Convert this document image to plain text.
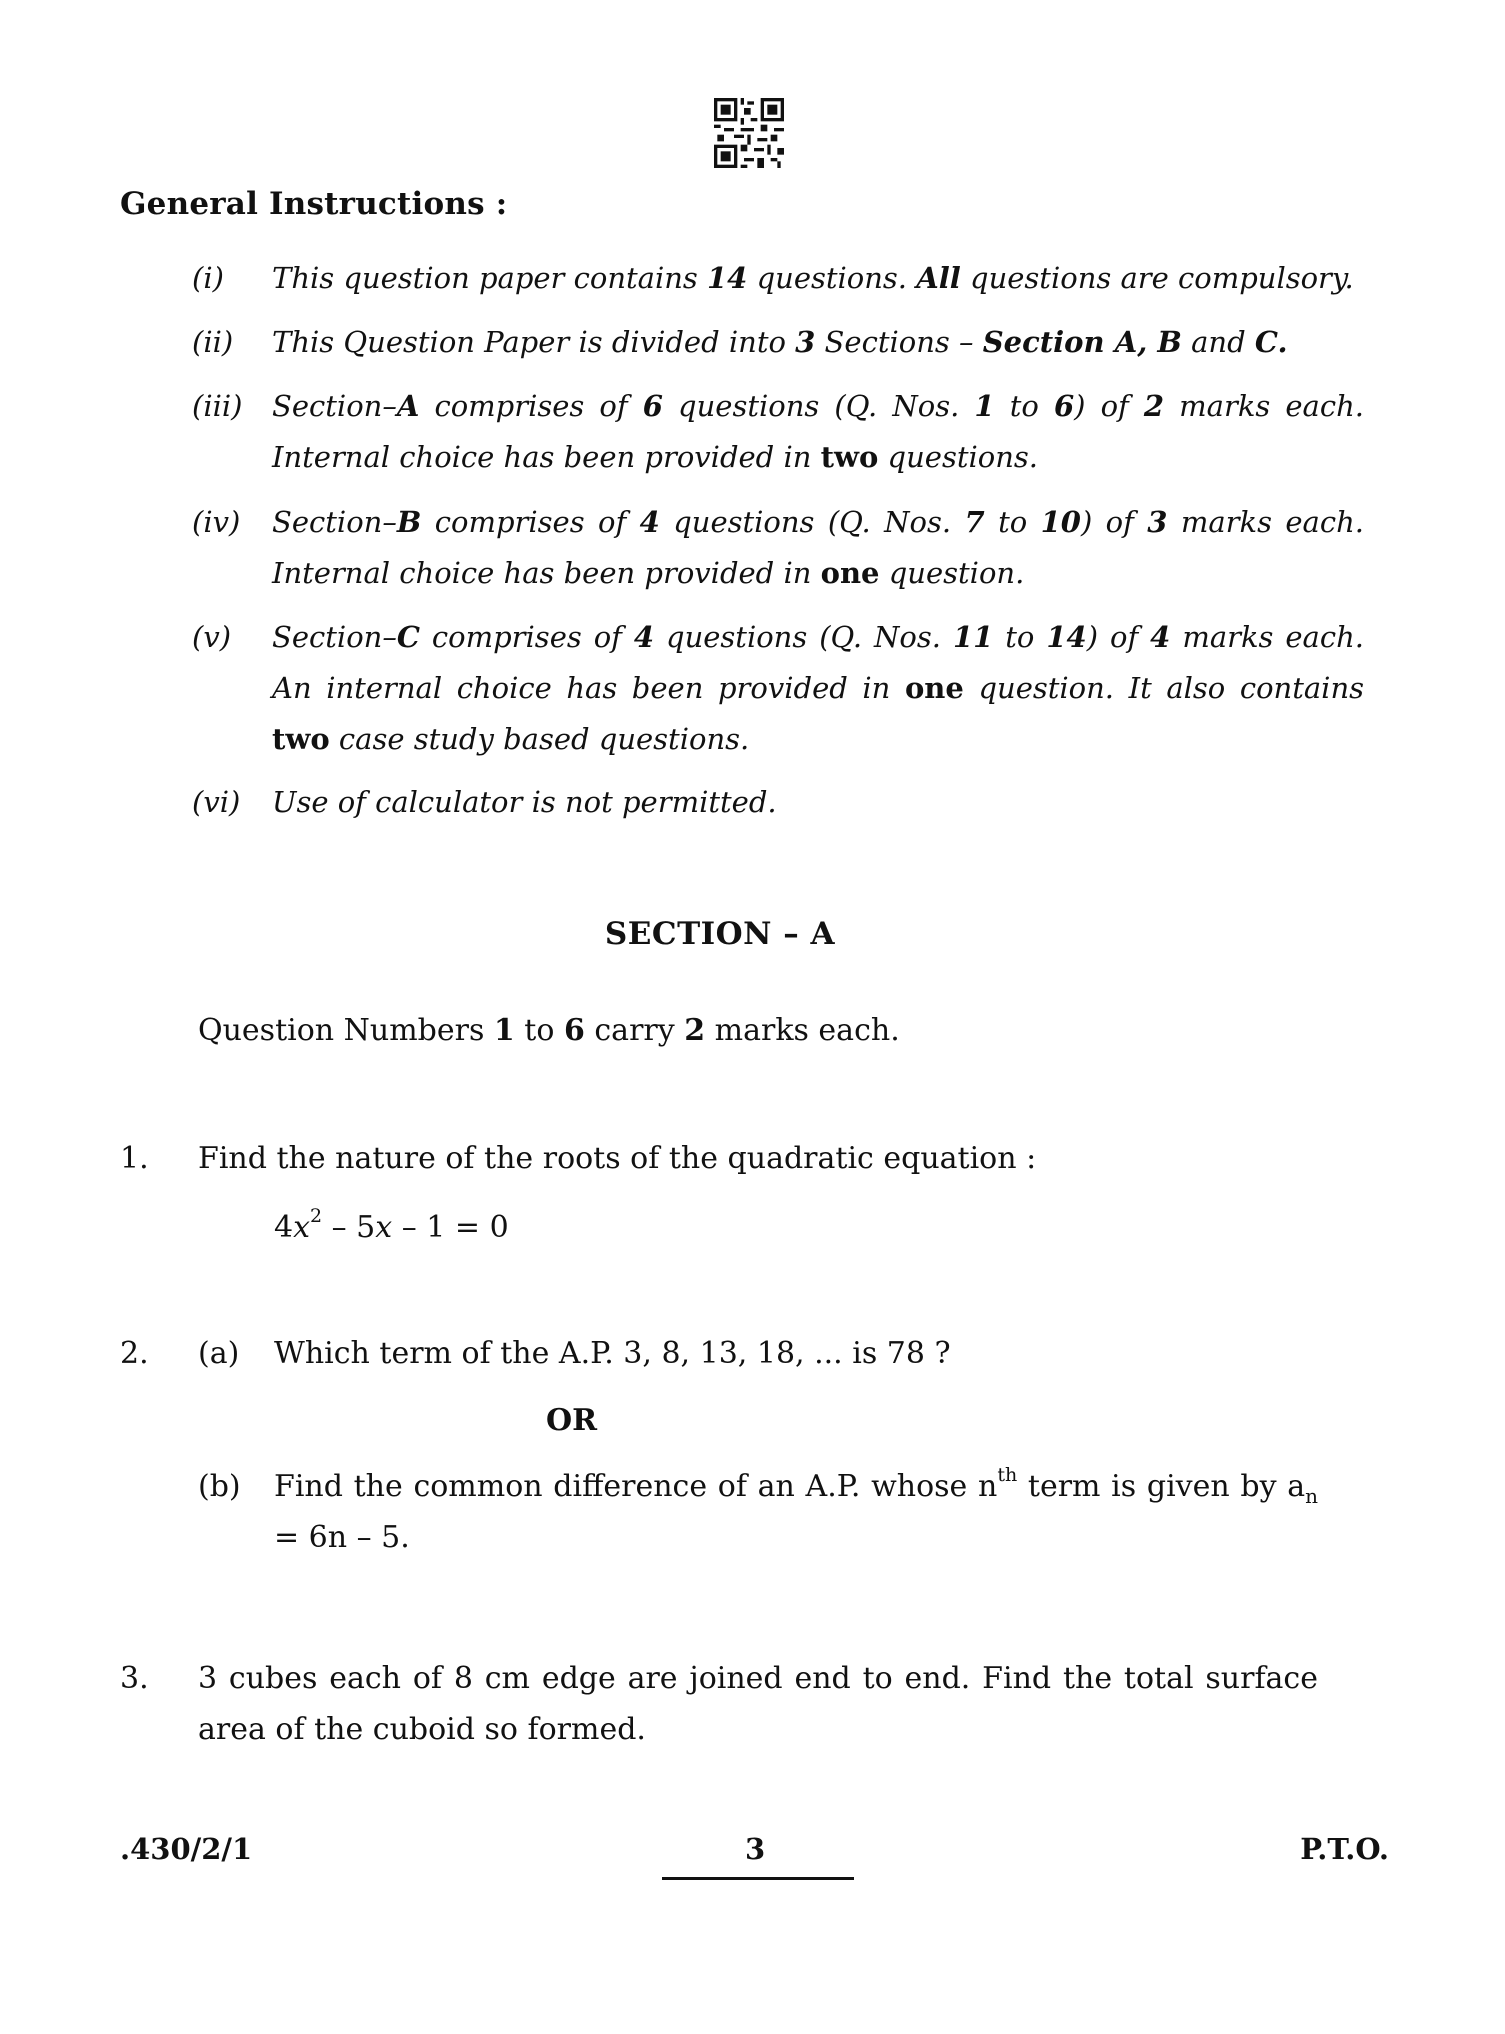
General Instructions :
(i)	This question paper contains 14 questions. All questions are compulsory.
(ii)	This Question Paper is divided into 3 Sections – Section A, B and C.
(iii)	Section–A comprises of 6 questions (Q. Nos. 1 to 6) of 2 marks each. Internal choice has been provided in two questions.
(iv)	Section–B comprises of 4 questions (Q. Nos. 7 to 10) of 3 marks each. Internal choice has been provided in one question.
(v)	Section–C comprises of 4 questions (Q. Nos. 11 to 14) of 4 marks each. An internal choice has been provided in one question. It also contains two case study based questions.
(vi)	Use of calculator is not permitted.
SECTION – A
Question Numbers 1 to 6 carry 2 marks each.
1. Find the nature of the roots of the quadratic equation :
$4x^2 - 5x - 1 = 0$
2. (a) Which term of the A.P. 3, 8, 13, 18, ... is 78 ?
OR
(b) Find the common difference of an A.P. whose $n^{th}$ term is given by $a_n = 6n - 5$.
3. 3 cubes each of 8 cm edge are joined end to end. Find the total surface area of the cuboid so formed.
.430/2/1	3	P.T.O.
